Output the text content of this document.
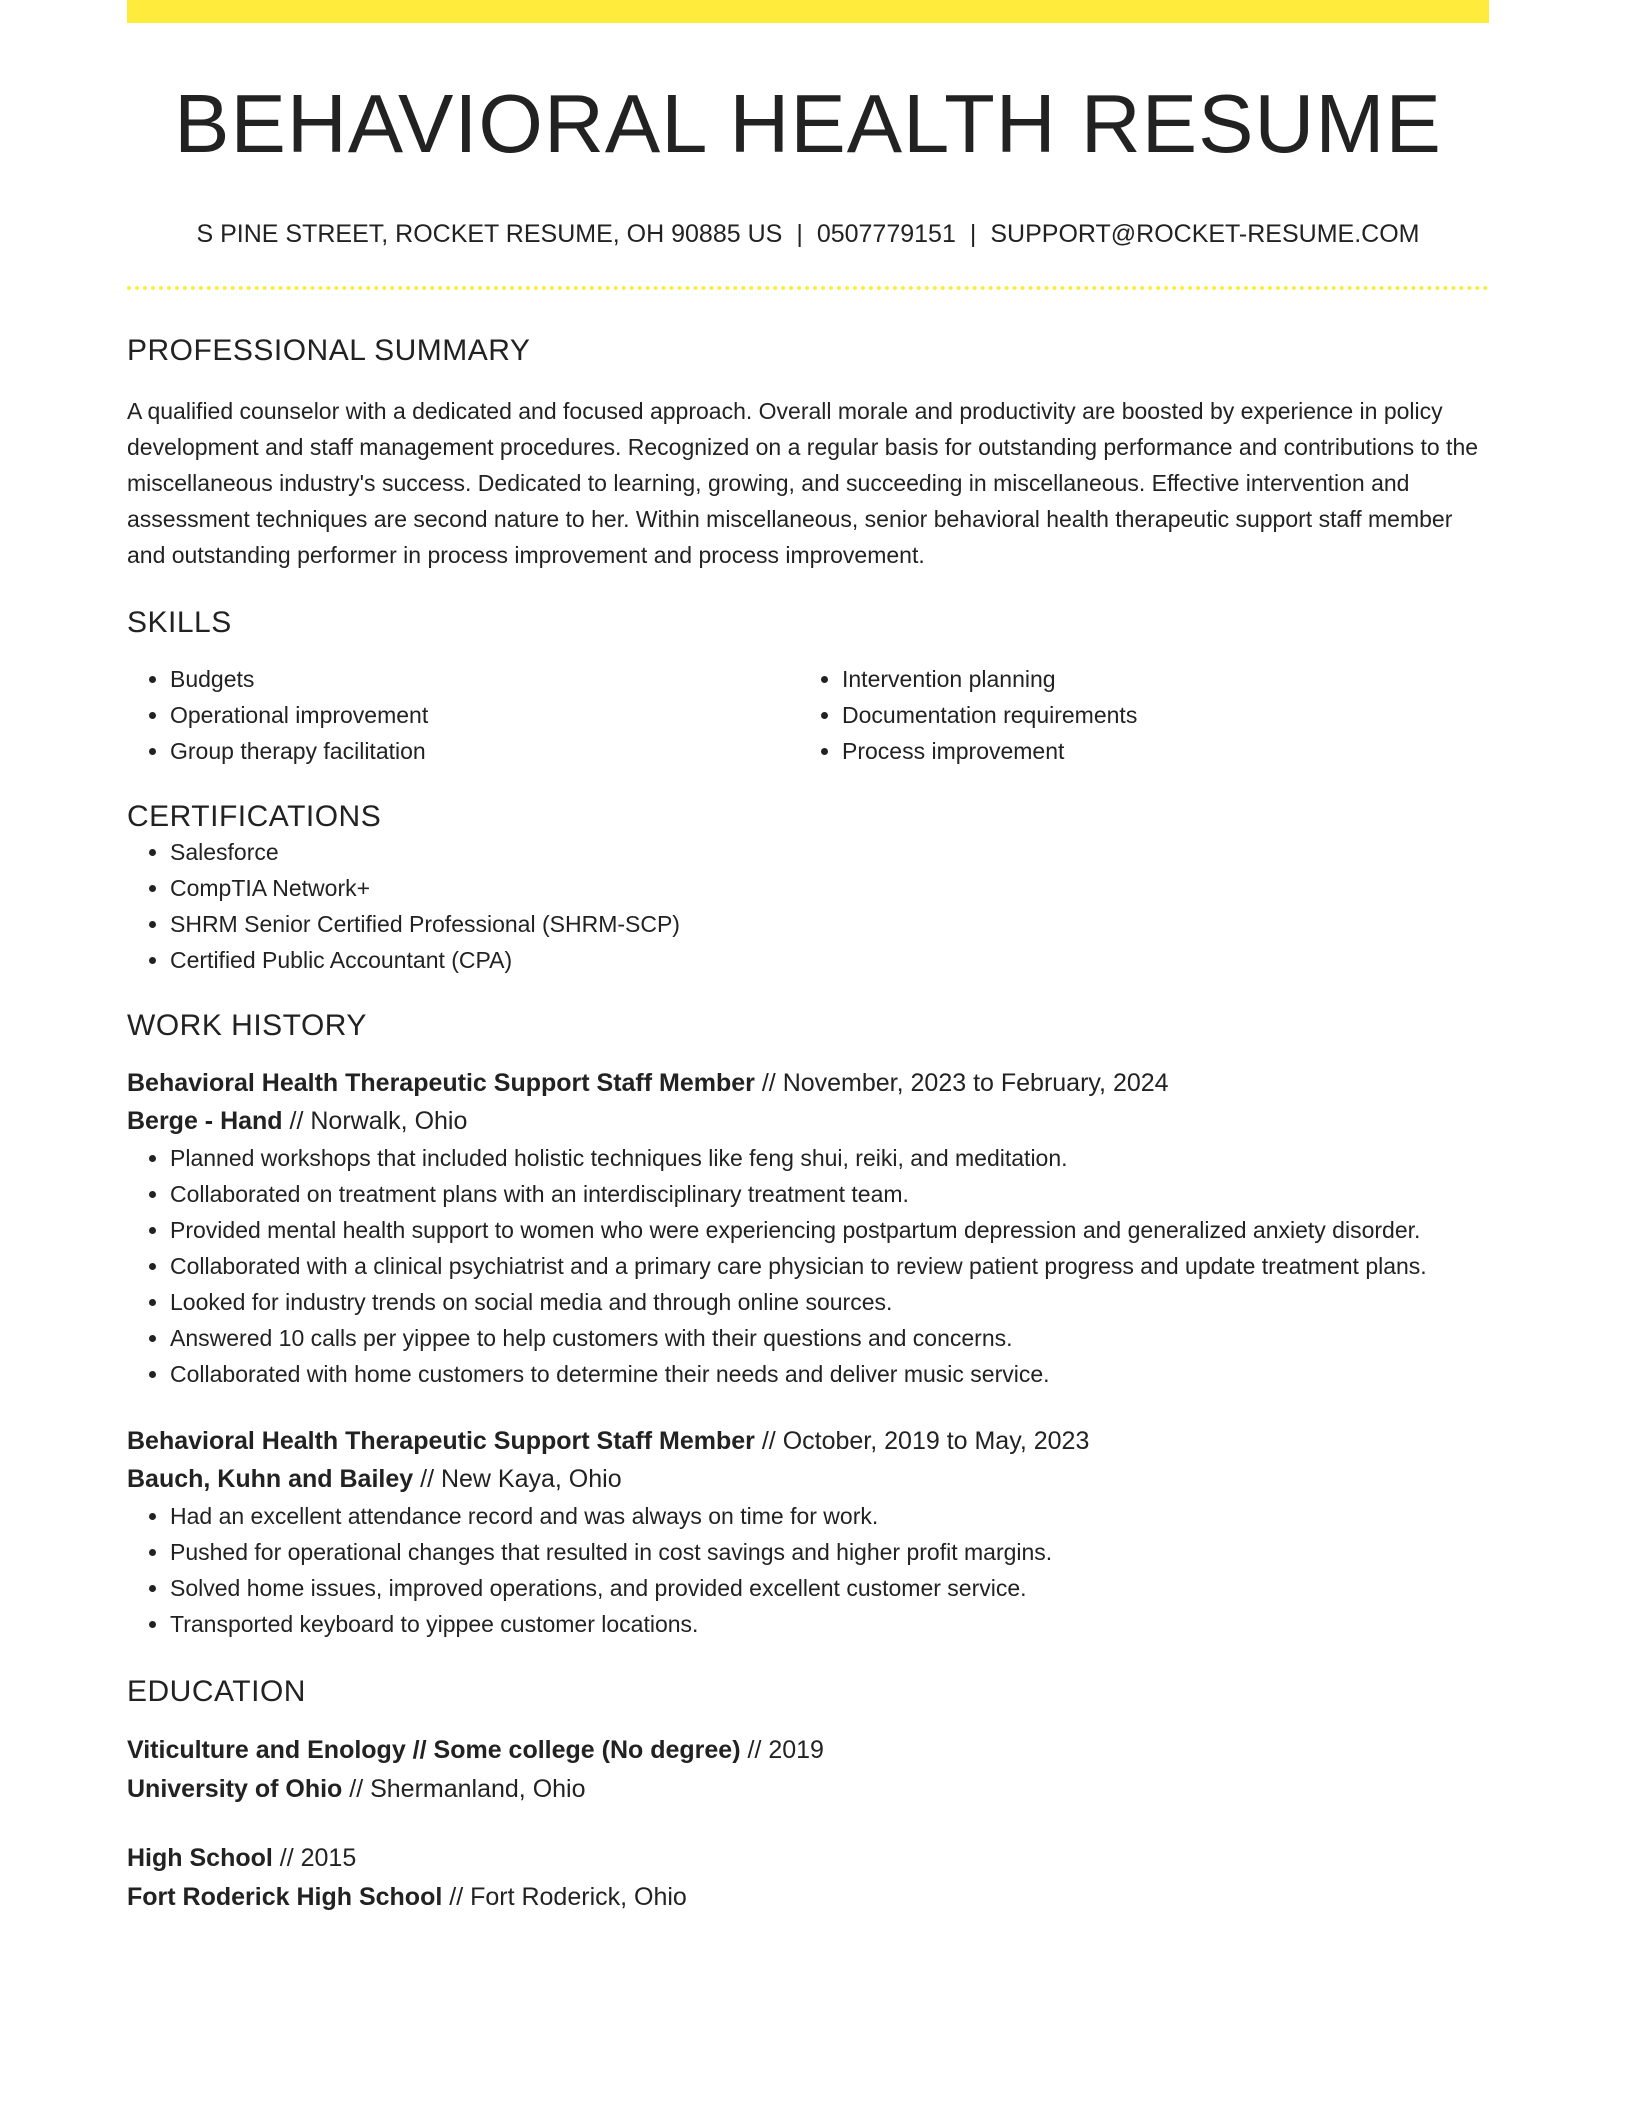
BEHAVIORAL HEALTH RESUME
S PINE STREET, ROCKET RESUME, OH 90885 US | 0507779151 | SUPPORT@ROCKET-RESUME.COM
PROFESSIONAL SUMMARY
A qualified counselor with a dedicated and focused approach. Overall morale and productivity are boosted by experience in policy development and staff management procedures. Recognized on a regular basis for outstanding performance and contributions to the miscellaneous industry's success. Dedicated to learning, growing, and succeeding in miscellaneous. Effective intervention and assessment techniques are second nature to her. Within miscellaneous, senior behavioral health therapeutic support staff member and outstanding performer in process improvement and process improvement.
SKILLS
• Budgets
• Operational improvement
• Group therapy facilitation
• Intervention planning
• Documentation requirements
• Process improvement
CERTIFICATIONS
• Salesforce
• CompTIA Network+
• SHRM Senior Certified Professional (SHRM-SCP)
• Certified Public Accountant (CPA)
WORK HISTORY
Behavioral Health Therapeutic Support Staff Member // November, 2023 to February, 2024
Berge - Hand // Norwalk, Ohio
• Planned workshops that included holistic techniques like feng shui, reiki, and meditation.
• Collaborated on treatment plans with an interdisciplinary treatment team.
• Provided mental health support to women who were experiencing postpartum depression and generalized anxiety disorder.
• Collaborated with a clinical psychiatrist and a primary care physician to review patient progress and update treatment plans.
• Looked for industry trends on social media and through online sources.
• Answered 10 calls per yippee to help customers with their questions and concerns.
• Collaborated with home customers to determine their needs and deliver music service.
Behavioral Health Therapeutic Support Staff Member // October, 2019 to May, 2023
Bauch, Kuhn and Bailey // New Kaya, Ohio
• Had an excellent attendance record and was always on time for work.
• Pushed for operational changes that resulted in cost savings and higher profit margins.
• Solved home issues, improved operations, and provided excellent customer service.
• Transported keyboard to yippee customer locations.
EDUCATION
Viticulture and Enology // Some college (No degree) // 2019
University of Ohio // Shermanland, Ohio
High School // 2015
Fort Roderick High School // Fort Roderick, Ohio
